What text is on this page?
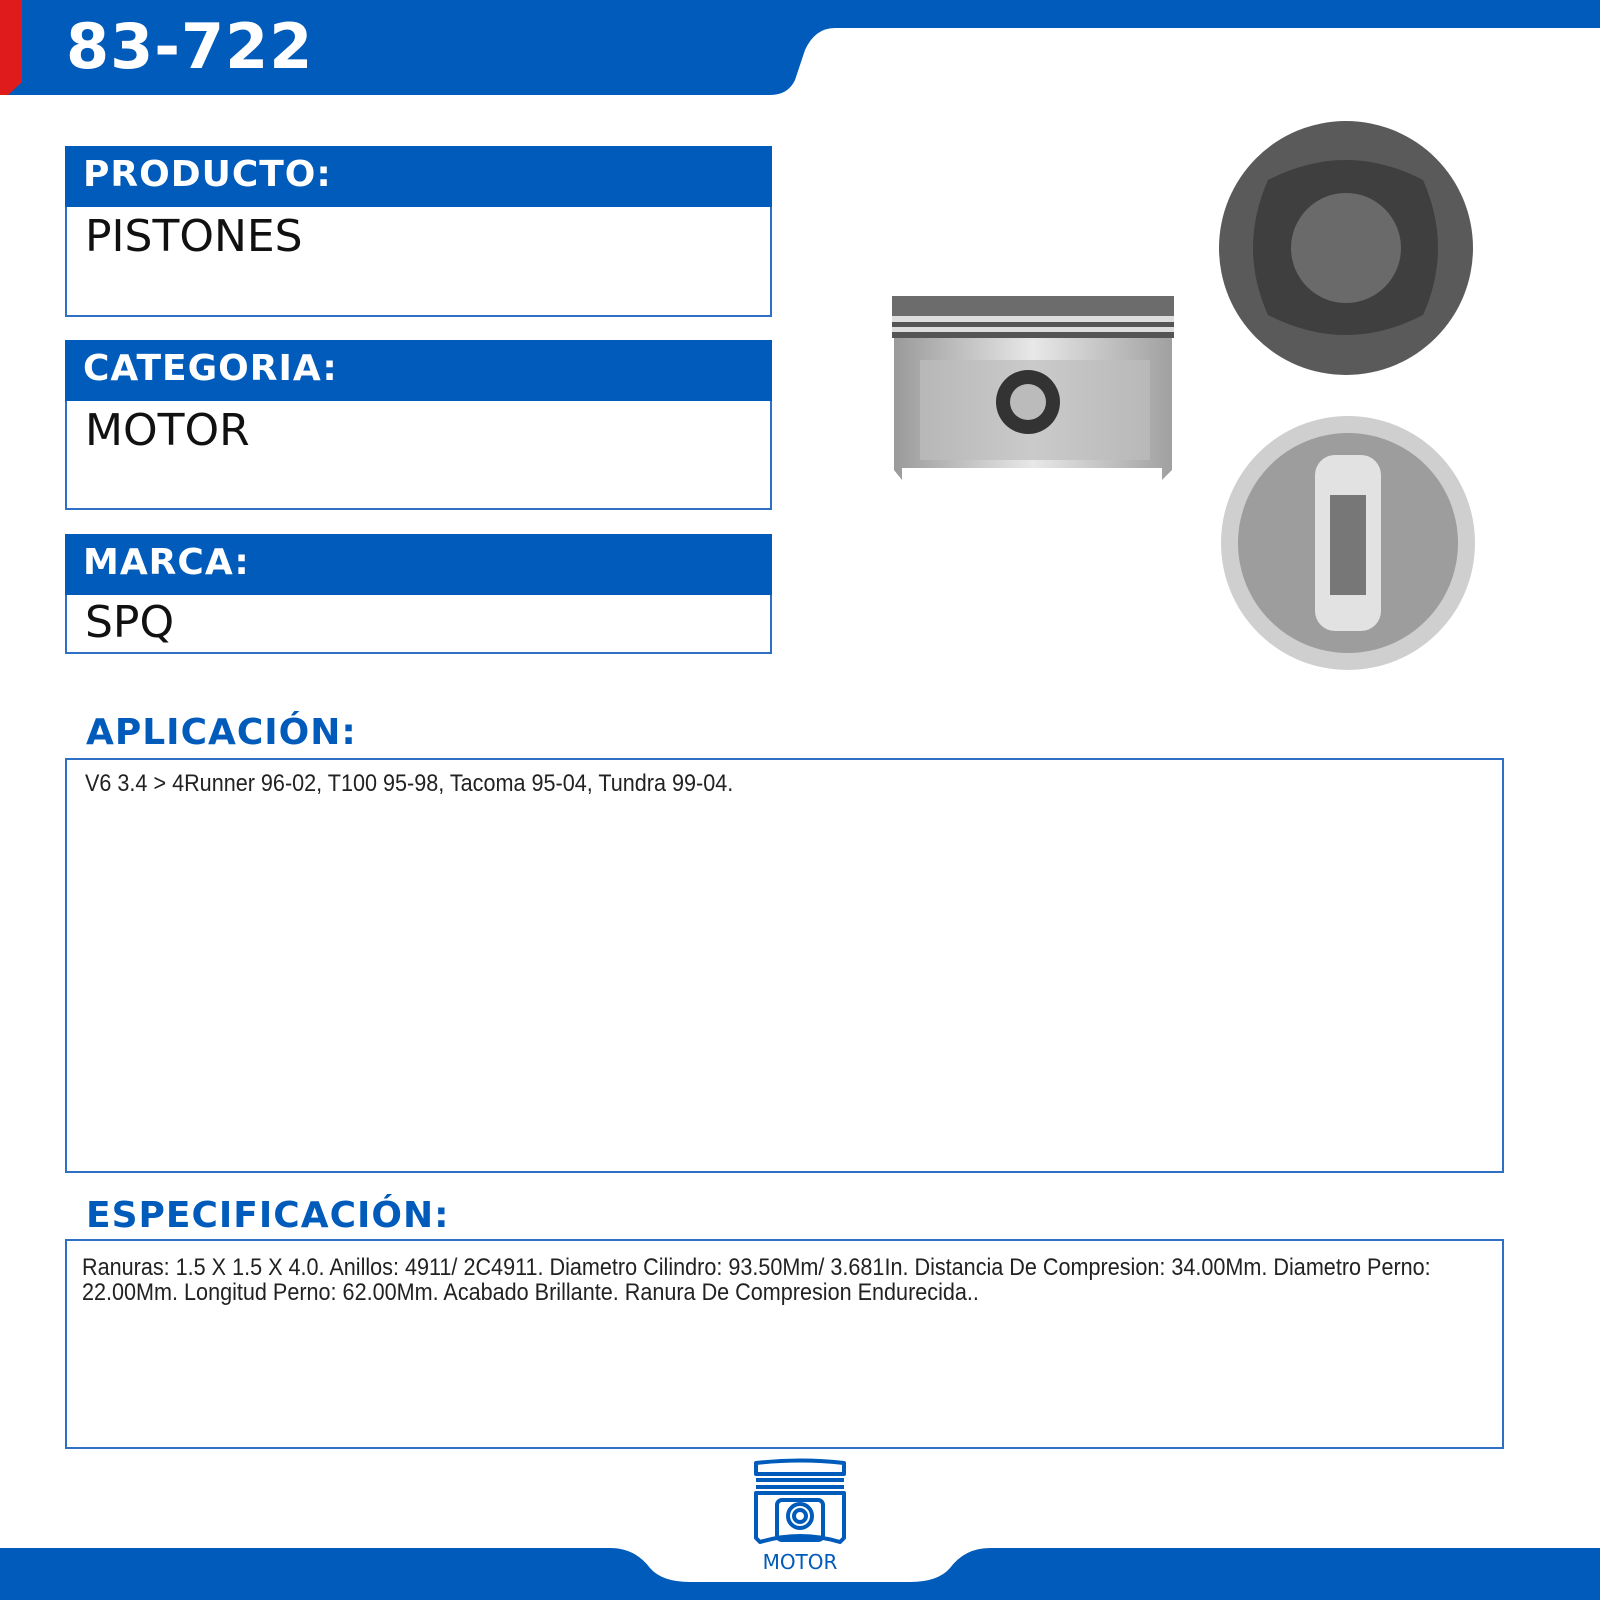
83-722
PRODUCTO:
PISTONES
CATEGORIA:
MOTOR
MARCA:
SPQ
APLICACIÓN:
V6 3.4 > 4Runner 96-02, T100 95-98, Tacoma 95-04, Tundra 99-04.
ESPECIFICACIÓN:
Ranuras: 1.5 X 1.5 X 4.0. Anillos: 4911/ 2C4911. Diametro Cilindro: 93.50Mm/ 3.681In. Distancia De Compresion: 34.00Mm. Diametro Perno: 22.00Mm. Longitud Perno: 62.00Mm. Acabado Brillante. Ranura De Compresion Endurecida..
MOTOR
